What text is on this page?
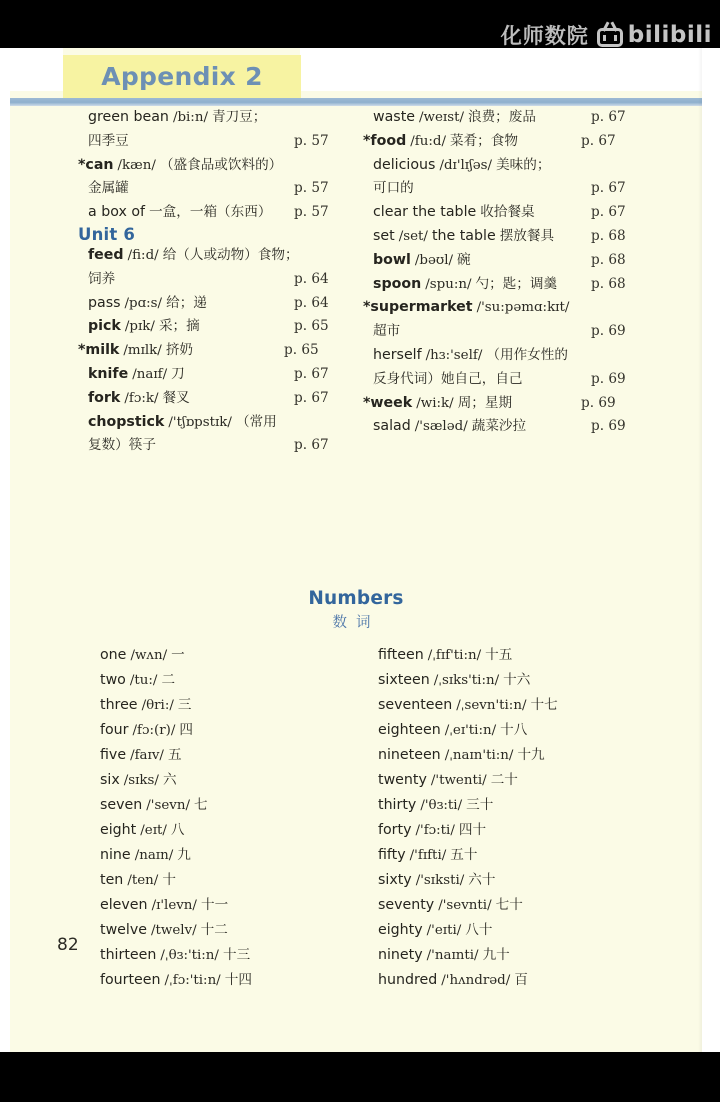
化师数院 bilibili
Appendix 2
green bean /bi:n/ 青刀豆；
四季豆	p. 57
*can /kæn/ （盛食品或饮料的）
金属罐	p. 57
a box of 一盒，一箱（东西） p. 57
Unit 6
feed /fi:d/ 给（人或动物）食物；
饲养	p. 64
pass /pɑ:s/ 给；递	p. 64
pick /pɪk/ 采；摘	p. 65
*milk /mɪlk/ 挤奶	p. 65
knife /naɪf/ 刀	p. 67
fork /fɔ:k/ 餐叉	p. 67
chopstick /'tʃɒpstɪk/ （常用
复数）筷子	p. 67
waste /weɪst/ 浪费；废品	p. 67
*food /fu:d/ 菜肴；食物	p. 67
delicious /dɪ'lɪʃəs/ 美味的；
可口的	p. 67
clear the table 收拾餐桌	p. 67
set /set/ the table 摆放餐具	p. 68
bowl /bəʊl/ 碗	p. 68
spoon /spu:n/ 勺；匙；调羹 p. 68
*supermarket /'su:pəmɑ:kɪt/
超市	p. 69
herself /hɜ:'self/ （用作女性的
反身代词）她自己，自己	p. 69
*week /wi:k/ 周；星期	p. 69
salad /'sæləd/ 蔬菜沙拉	p. 69
Numbers
数词
one /wʌn/ 一
two /tu:/ 二
three /θri:/ 三
four /fɔ:(r)/ 四
five /faɪv/ 五
six /sɪks/ 六
seven /'sevn/ 七
eight /eɪt/ 八
nine /naɪn/ 九
ten /ten/ 十
eleven /ɪ'levn/ 十一
twelve /twelv/ 十二
thirteen /ˌθɜ:'ti:n/ 十三
fourteen /ˌfɔ:'ti:n/ 十四
fifteen /ˌfɪf'ti:n/ 十五
sixteen /ˌsɪks'ti:n/ 十六
seventeen /ˌsevn'ti:n/ 十七
eighteen /ˌeɪ'ti:n/ 十八
nineteen /ˌnaɪn'ti:n/ 十九
twenty /'twenti/ 二十
thirty /'θɜ:ti/ 三十
forty /'fɔ:ti/ 四十
fifty /'fɪfti/ 五十
sixty /'sɪksti/ 六十
seventy /'sevnti/ 七十
eighty /'eɪti/ 八十
ninety /'naɪnti/ 九十
hundred /'hʌndrəd/ 百
82
